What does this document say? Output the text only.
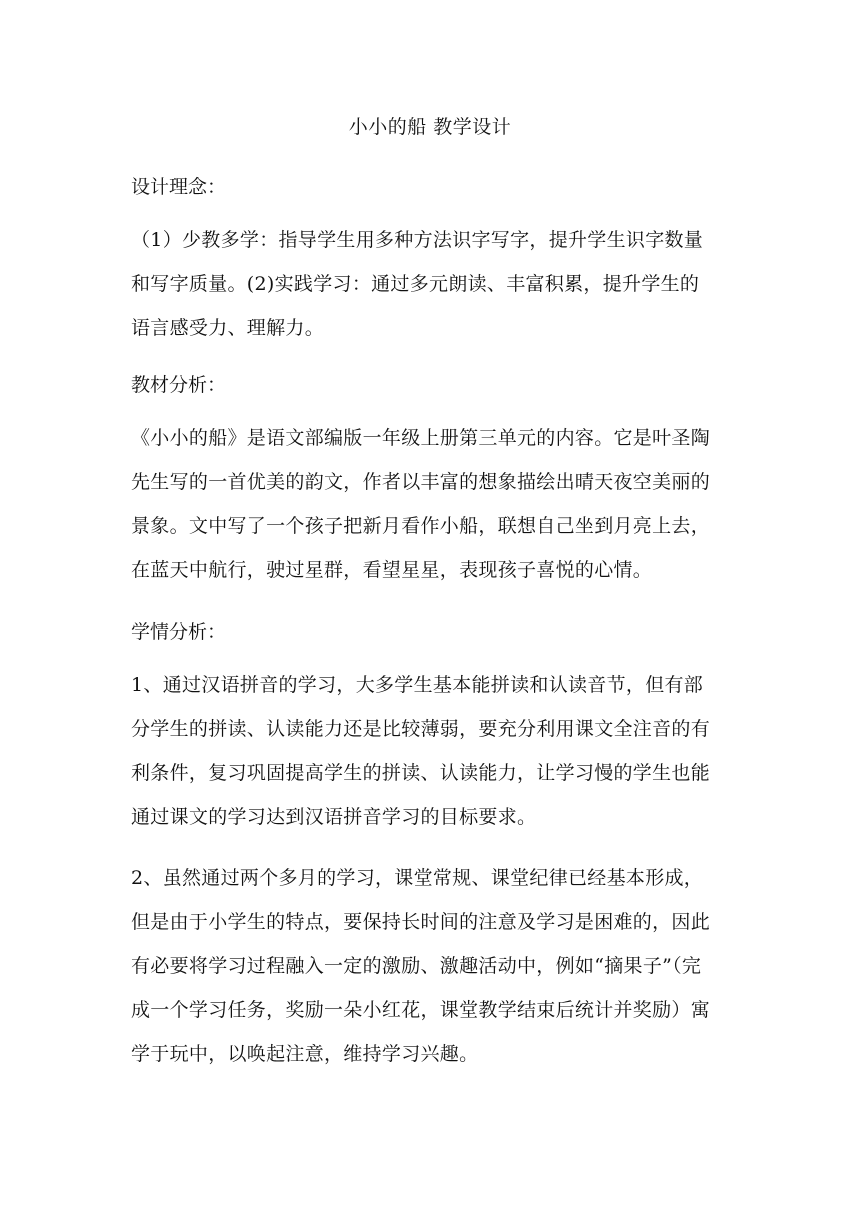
小小的船 教学设计
设计理念：
（1）少教多学：指导学生用多种方法识字写字，提升学生识字数量
和写字质量。(2)实践学习：通过多元朗读、丰富积累，提升学生的
语言感受力、理解力。
教材分析：
《小小的船》是语文部编版一年级上册第三单元的内容。它是叶圣陶
先生写的一首优美的韵文，作者以丰富的想象描绘出晴天夜空美丽的
景象。文中写了一个孩子把新月看作小船，联想自己坐到月亮上去，
在蓝天中航行，驶过星群，看望星星，表现孩子喜悦的心情。
学情分析：
1、通过汉语拼音的学习，大多学生基本能拼读和认读音节，但有部
分学生的拼读、认读能力还是比较薄弱，要充分利用课文全注音的有
利条件，复习巩固提高学生的拼读、认读能力，让学习慢的学生也能
通过课文的学习达到汉语拼音学习的目标要求。
2、虽然通过两个多月的学习，课堂常规、课堂纪律已经基本形成，
但是由于小学生的特点，要保持长时间的注意及学习是困难的，因此
有必要将学习过程融入一定的激励、激趣活动中，例如“摘果子”（完
成一个学习任务，奖励一朵小红花，课堂教学结束后统计并奖励）寓
学于玩中，以唤起注意，维持学习兴趣。
